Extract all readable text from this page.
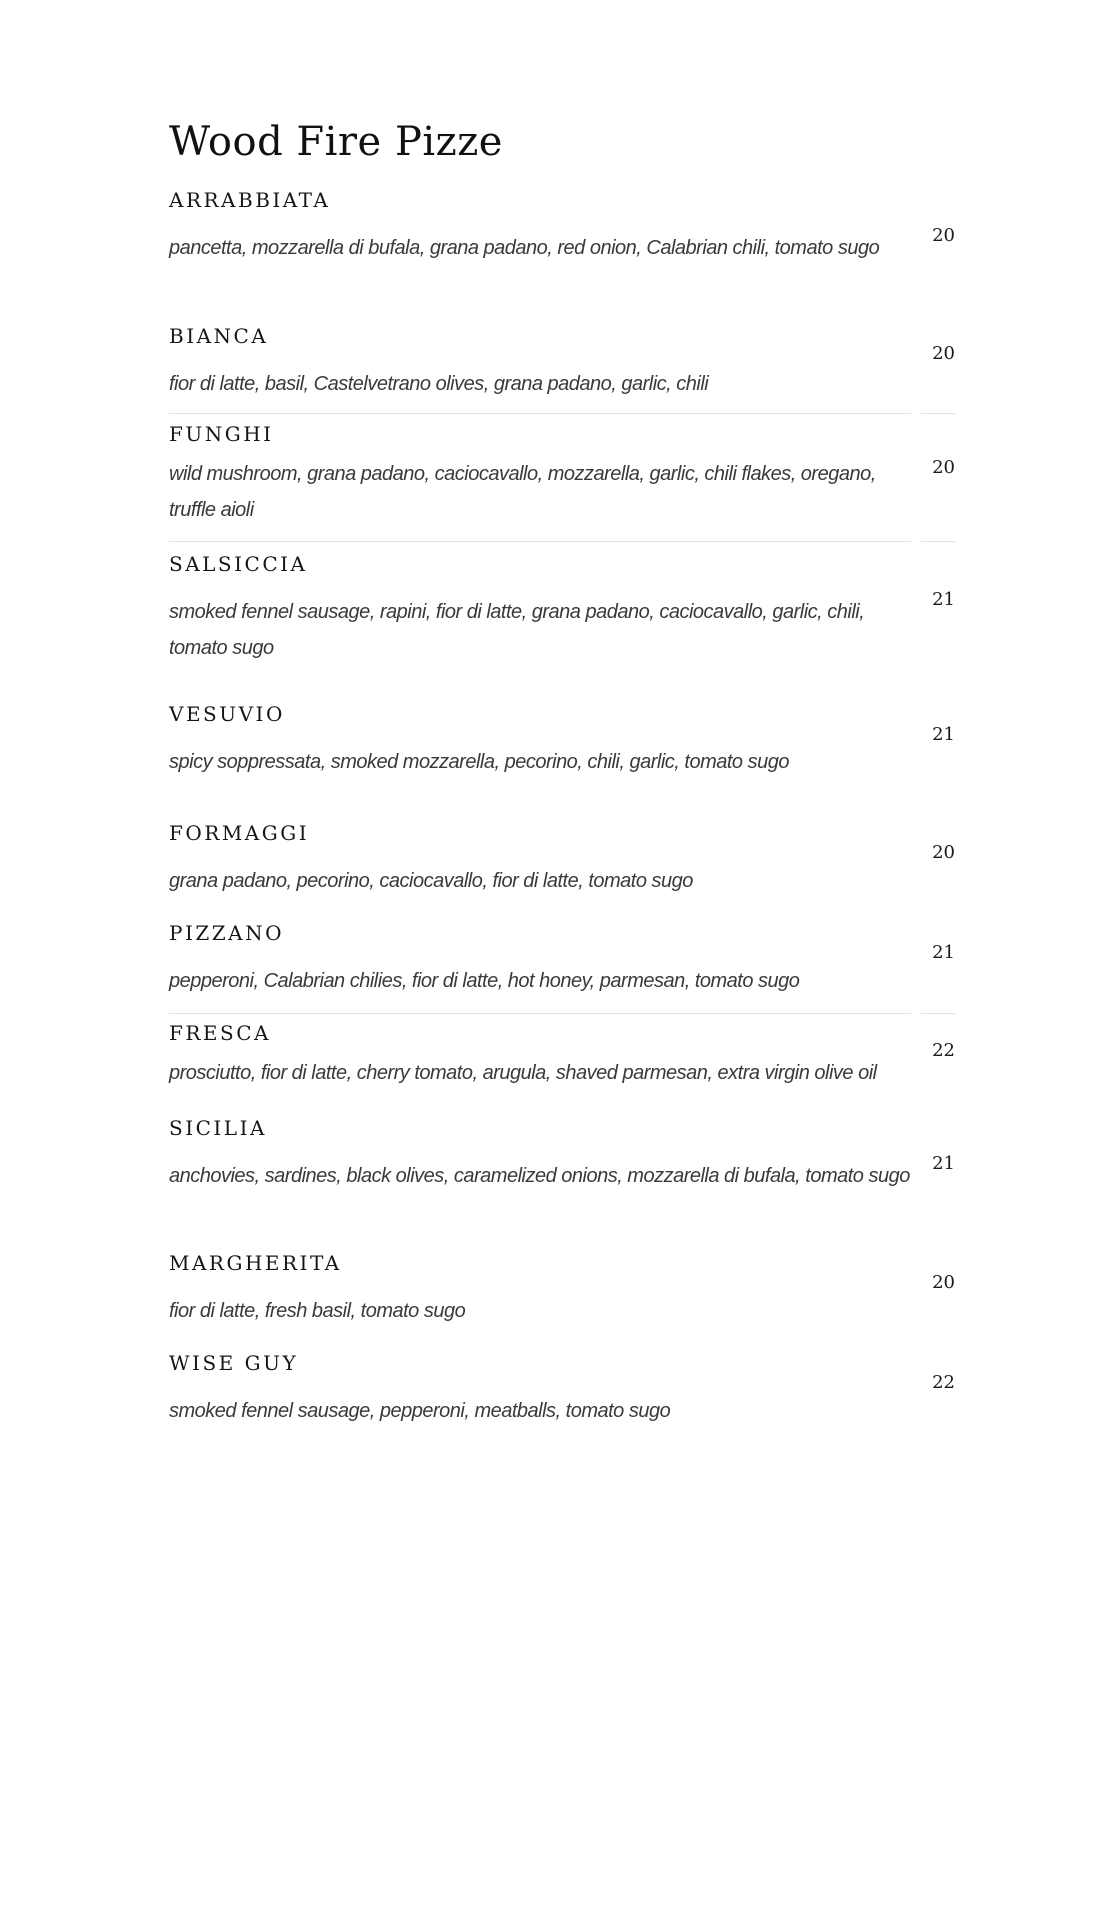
Wood Fire Pizze
ARRABBIATA

pancetta, mozzarella di bufala, grana padano, red onion, Calabrian chili, tomato sugo

20
BIANCA

fior di latte, basil, Castelvetrano olives, grana padano, garlic, chili

20
FUNGHI

wild mushroom, grana padano, caciocavallo, mozzarella, garlic, chili flakes, oregano, truffle aioli

20
SALSICCIA

smoked fennel sausage, rapini, fior di latte, grana padano, caciocavallo, garlic, chili, tomato sugo

21
VESUVIO

spicy soppressata, smoked mozzarella, pecorino, chili, garlic, tomato sugo

21
FORMAGGI

grana padano, pecorino, caciocavallo, fior di latte, tomato sugo

20
PIZZANO

pepperoni, Calabrian chilies, fior di latte, hot honey, parmesan, tomato sugo

21
FRESCA

prosciutto, fior di latte, cherry tomato, arugula, shaved parmesan, extra virgin olive oil

22
SICILIA

anchovies, sardines, black olives, caramelized onions, mozzarella di bufala, tomato sugo

21
MARGHERITA

fior di latte, fresh basil, tomato sugo

20
WISE GUY

smoked fennel sausage, pepperoni, meatballs, tomato sugo

22
